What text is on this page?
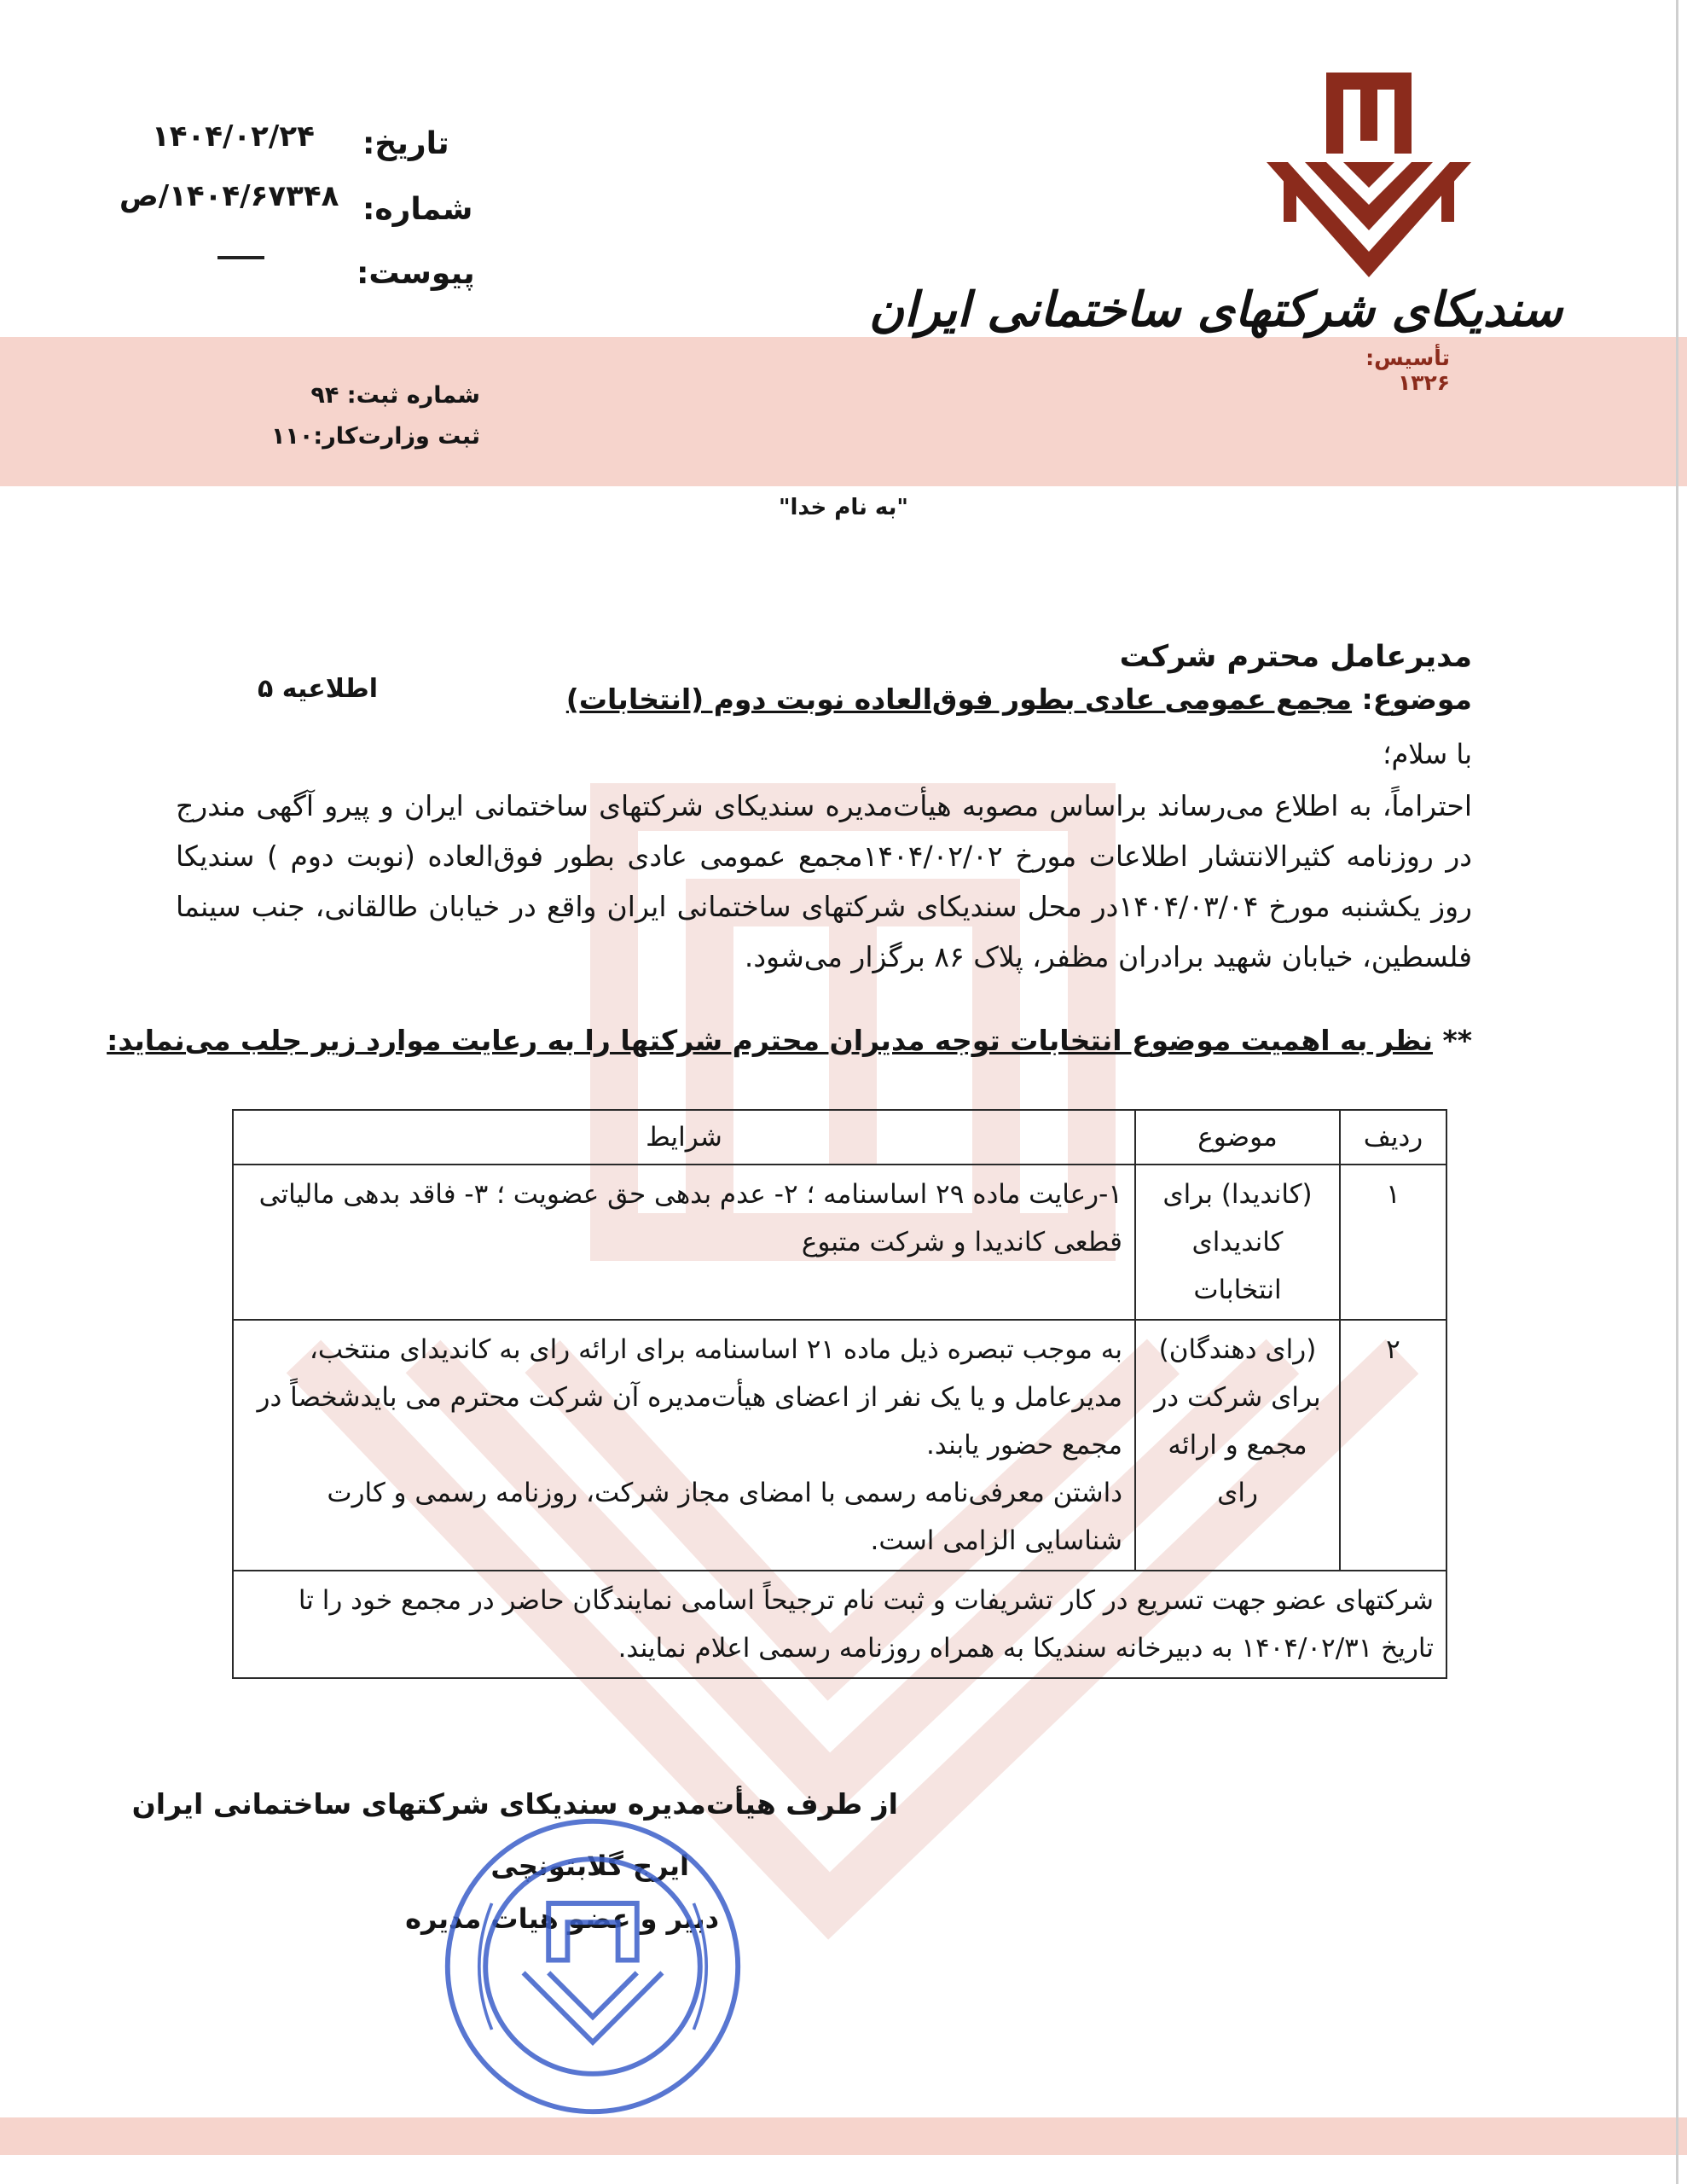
تاریخ:
۱۴۰۴/۰۲/۲۴
شماره:
۱۴۰۴/۶۷۳۴۸/ص
پیوست:
شماره ثبت: ۹۴
ثبت وزارت‌کار:۱۱۰
سندیکای شرکتهای ساختمانی ایران
تأسیس: ۱۳۲۶
"به نام خدا"
مدیرعامل محترم شرکت
موضوع: مجمع عمومی عادی بطور فوق‌العاده نوبت دوم (انتخابات)
اطلاعیه ۵
با سلام؛
احتراماً، به اطلاع می‌رساند براساس مصوبه هیأت‌مدیره سندیکای شرکتهای ساختمانی ایران و پیرو آگهی مندرج در روزنامه کثیرالانتشار اطلاعات مورخ ۱۴۰۴/۰۲/۰۲مجمع عمومی عادی بطور فوق‌العاده (نوبت دوم ) سندیکا روز یکشنبه مورخ ۱۴۰۴/۰۳/۰۴در محل سندیکای شرکتهای ساختمانی ایران واقع در خیابان طالقانی، جنب سینما فلسطین، خیابان شهید برادران مظفر، پلاک ۸۶ برگزار می‌شود.
** نظر به اهمیت موضوع انتخابات توجه مدیران محترم شرکتها را به رعایت موارد زیر جلب می‌نماید:
ردیف	موضوع	شرایط
۱	(کاندیدا) برای کاندیدای انتخابات	۱-رعایت ماده ۲۹ اساسنامه ؛ ۲- عدم بدهی حق عضویت ؛ ۳- فاقد بدهی مالیاتی قطعی کاندیدا و شرکت متبوع
۲	(رای دهندگان) برای شرکت در مجمع و ارائه رای	به موجب تبصره ذیل ماده ۲۱ اساسنامه برای ارائه رای به کاندیدای منتخب، مدیرعامل و یا یک نفر از اعضای هیأت‌مدیره آن شرکت محترم می بایدشخصاً در مجمع حضور یابند.
داشتن معرفی‌نامه رسمی با امضای مجاز شرکت، روزنامه رسمی و کارت شناسایی الزامی است.

شرکتهای عضو جهت تسریع در کار تشریفات و ثبت نام ترجیحاً اسامی نمایندگان حاضر در مجمع خود را تا تاریخ ۱۴۰۴/۰۲/۳۱ به دبیرخانه سندیکا به همراه روزنامه رسمی اعلام نمایند.		
از طرف هیأت‌مدیره سندیکای شرکتهای ساختمانی ایران
ایرج گلابتونچی
دبیر و عضو هیات مدیره
